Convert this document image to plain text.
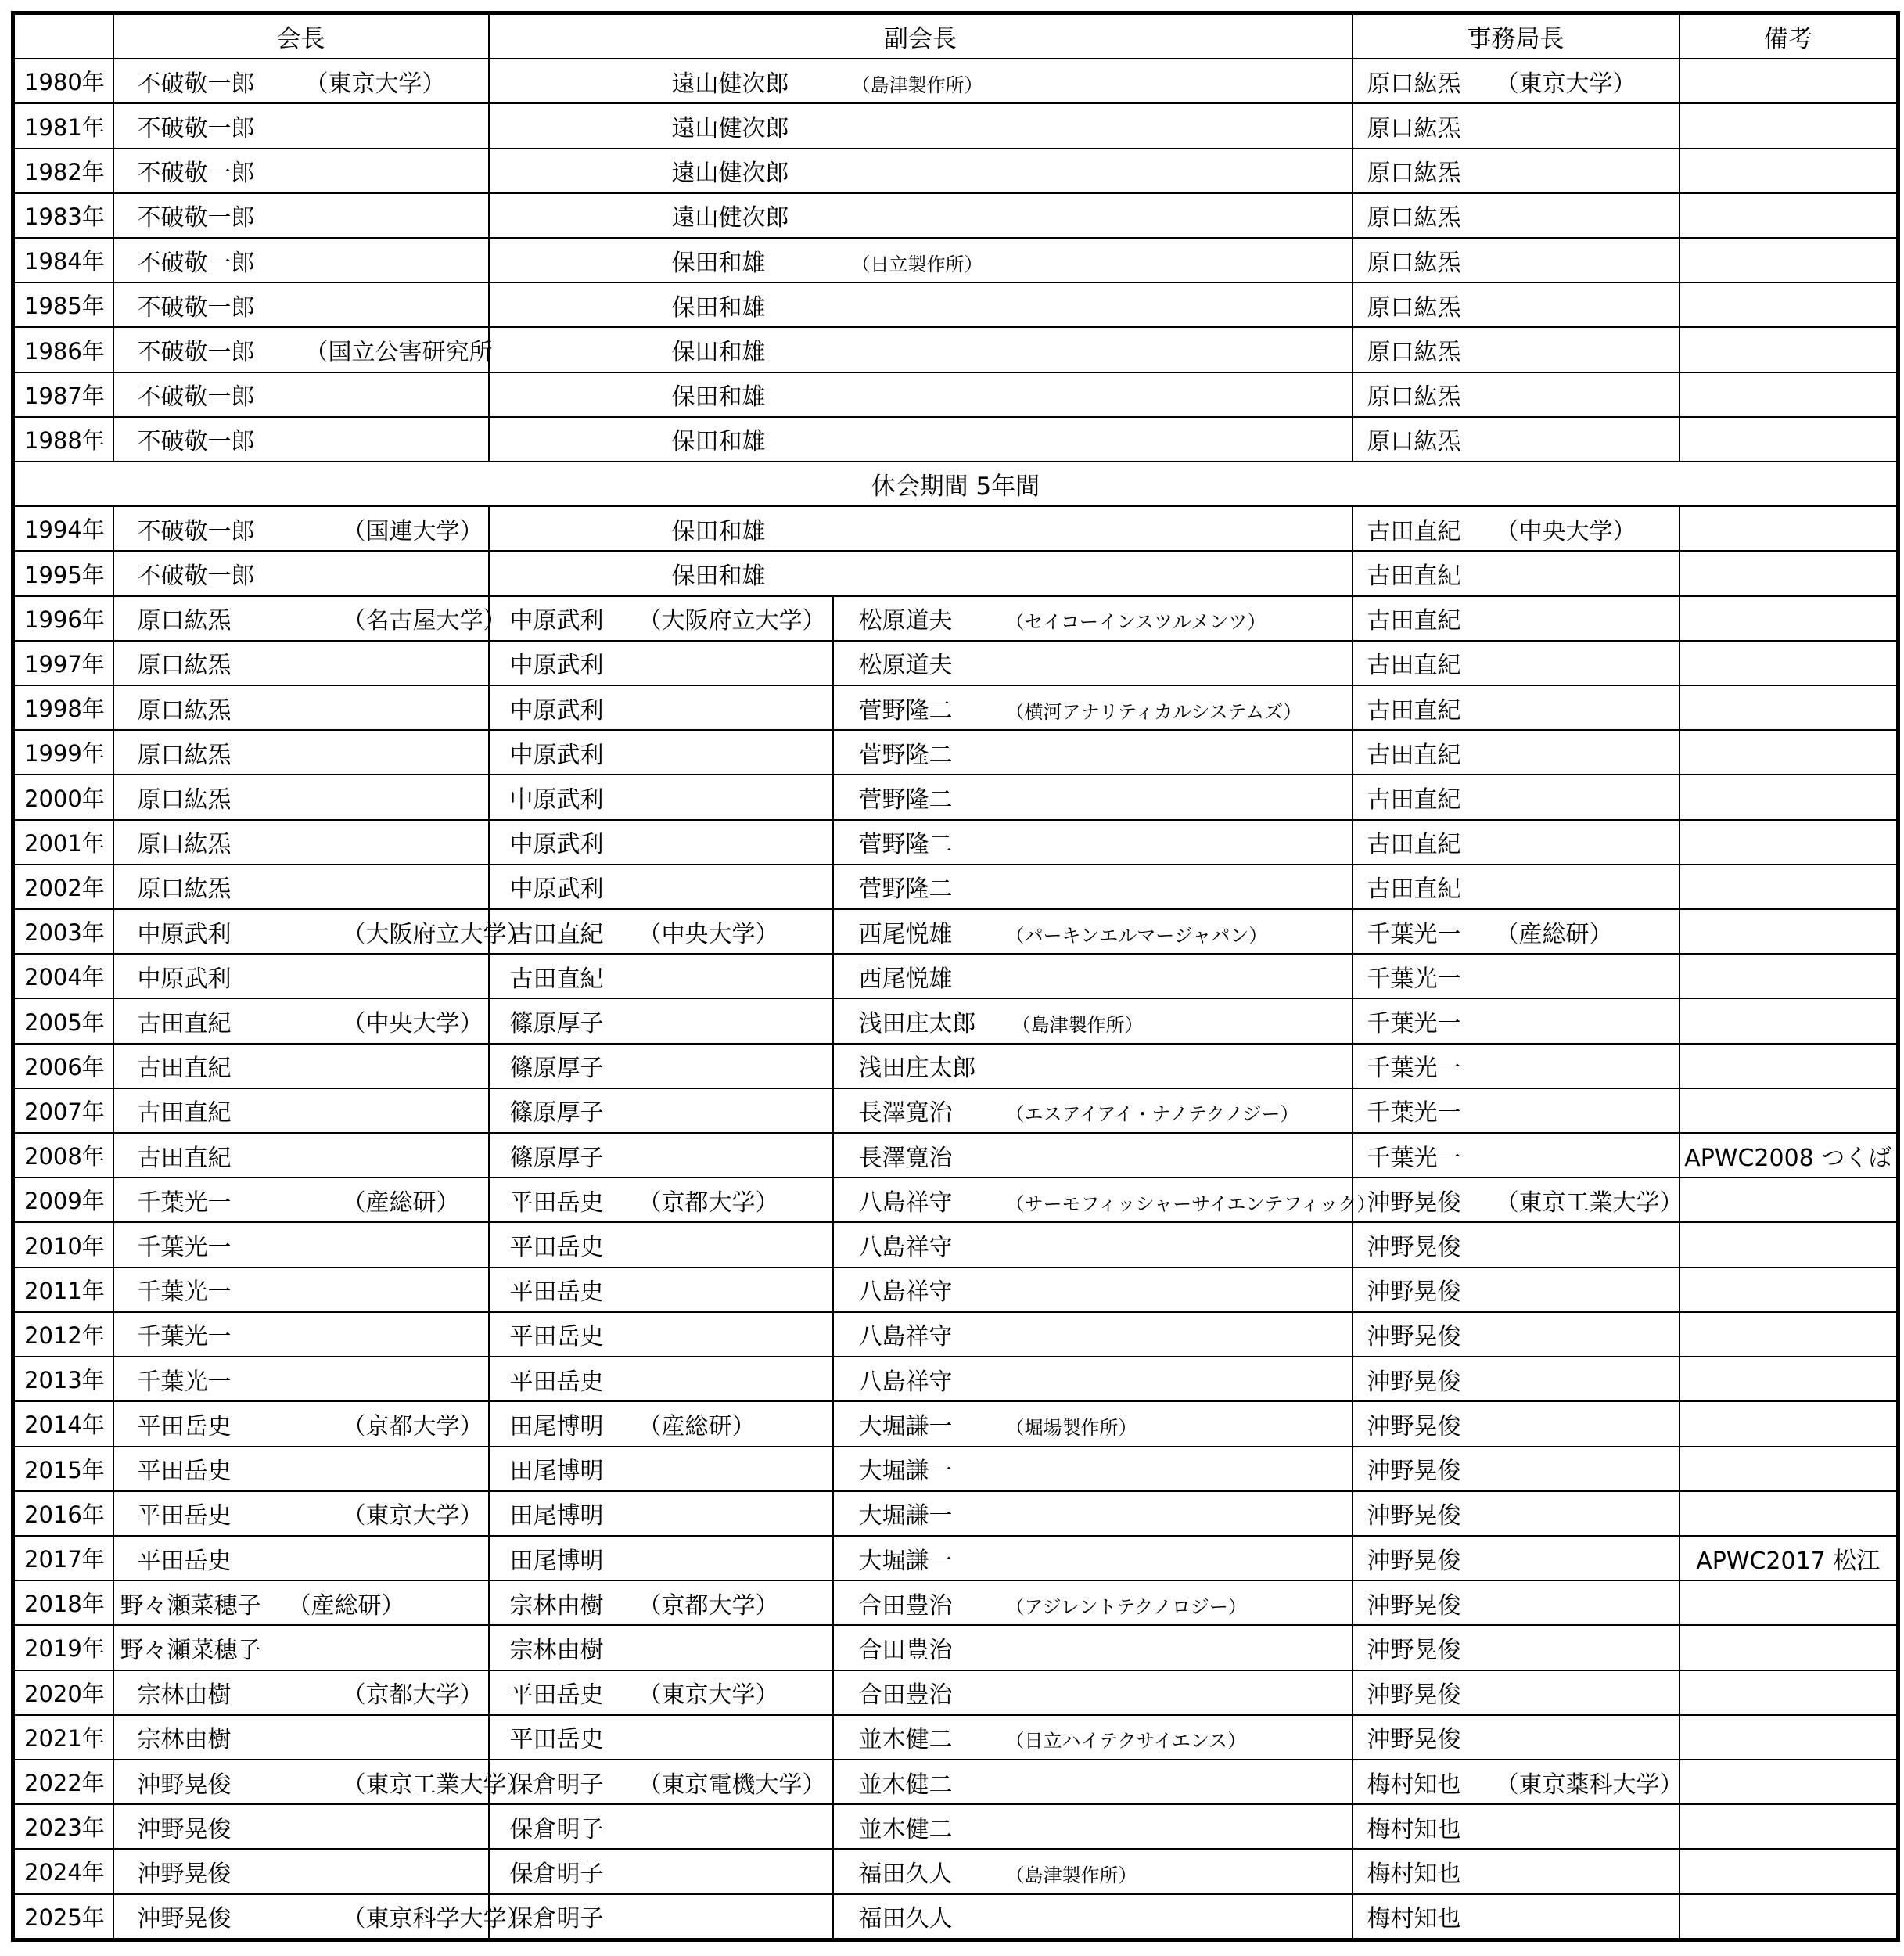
	会長	副会長		事務局長	備考
1980年	不破敬一郎 （東京大学）	遠山健次郎 （島津製作所）		原口紘炁 （東京大学）	
1981年	不破敬一郎	遠山健次郎		原口紘炁	
1982年	不破敬一郎	遠山健次郎		原口紘炁	
1983年	不破敬一郎	遠山健次郎		原口紘炁	
1984年	不破敬一郎	保田和雄 （日立製作所）		原口紘炁	
1985年	不破敬一郎	保田和雄		原口紘炁	
1986年	不破敬一郎 （国立公害研究所	保田和雄		原口紘炁	
1987年	不破敬一郎	保田和雄		原口紘炁	
1988年	不破敬一郎	保田和雄		原口紘炁	
休会期間 5年間					
1994年	不破敬一郎 （国連大学）	保田和雄		古田直紀 （中央大学）	
1995年	不破敬一郎	保田和雄		古田直紀	
1996年	原口紘炁 （名古屋大学）	中原武利 （大阪府立大学）	松原道夫 （セイコーインスツルメンツ）	古田直紀	
1997年	原口紘炁	中原武利	松原道夫	古田直紀	
1998年	原口紘炁	中原武利	菅野隆二 （横河アナリティカルシステムズ）	古田直紀	
1999年	原口紘炁	中原武利	菅野隆二	古田直紀	
2000年	原口紘炁	中原武利	菅野隆二	古田直紀	
2001年	原口紘炁	中原武利	菅野隆二	古田直紀	
2002年	原口紘炁	中原武利	菅野隆二	古田直紀	
2003年	中原武利 （大阪府立大学）	古田直紀 （中央大学）	西尾悦雄 （パーキンエルマージャパン）	千葉光一 （産総研）	
2004年	中原武利	古田直紀	西尾悦雄	千葉光一	
2005年	古田直紀 （中央大学）	篠原厚子	浅田庄太郎 （島津製作所）	千葉光一	
2006年	古田直紀	篠原厚子	浅田庄太郎	千葉光一	
2007年	古田直紀	篠原厚子	長澤寛治 （エスアイアイ・ナノテクノジー）	千葉光一	
2008年	古田直紀	篠原厚子	長澤寛治	千葉光一	APWC2008 つくば
2009年	千葉光一 （産総研）	平田岳史 （京都大学）	八島祥守 （サーモフィッシャーサイエンテフィック）	沖野晃俊 （東京工業大学）	
2010年	千葉光一	平田岳史	八島祥守	沖野晃俊	
2011年	千葉光一	平田岳史	八島祥守	沖野晃俊	
2012年	千葉光一	平田岳史	八島祥守	沖野晃俊	
2013年	千葉光一	平田岳史	八島祥守	沖野晃俊	
2014年	平田岳史 （京都大学）	田尾博明 （産総研）	大堀謙一 （堀場製作所）	沖野晃俊	
2015年	平田岳史	田尾博明	大堀謙一	沖野晃俊	
2016年	平田岳史 （東京大学）	田尾博明	大堀謙一	沖野晃俊	
2017年	平田岳史	田尾博明	大堀謙一	沖野晃俊	APWC2017 松江
2018年	野々瀬菜穂子 （産総研）	宗林由樹 （京都大学）	合田豊治 （アジレントテクノロジー）	沖野晃俊	
2019年	野々瀬菜穂子	宗林由樹	合田豊治	沖野晃俊	
2020年	宗林由樹 （京都大学）	平田岳史 （東京大学）	合田豊治	沖野晃俊	
2021年	宗林由樹	平田岳史	並木健二 （日立ハイテクサイエンス）	沖野晃俊	
2022年	沖野晃俊 （東京工業大学）	保倉明子 （東京電機大学）	並木健二	梅村知也 （東京薬科大学）	
2023年	沖野晃俊	保倉明子	並木健二	梅村知也	
2024年	沖野晃俊	保倉明子	福田久人 （島津製作所）	梅村知也	
2025年	沖野晃俊 （東京科学大学）	保倉明子	福田久人	梅村知也	
